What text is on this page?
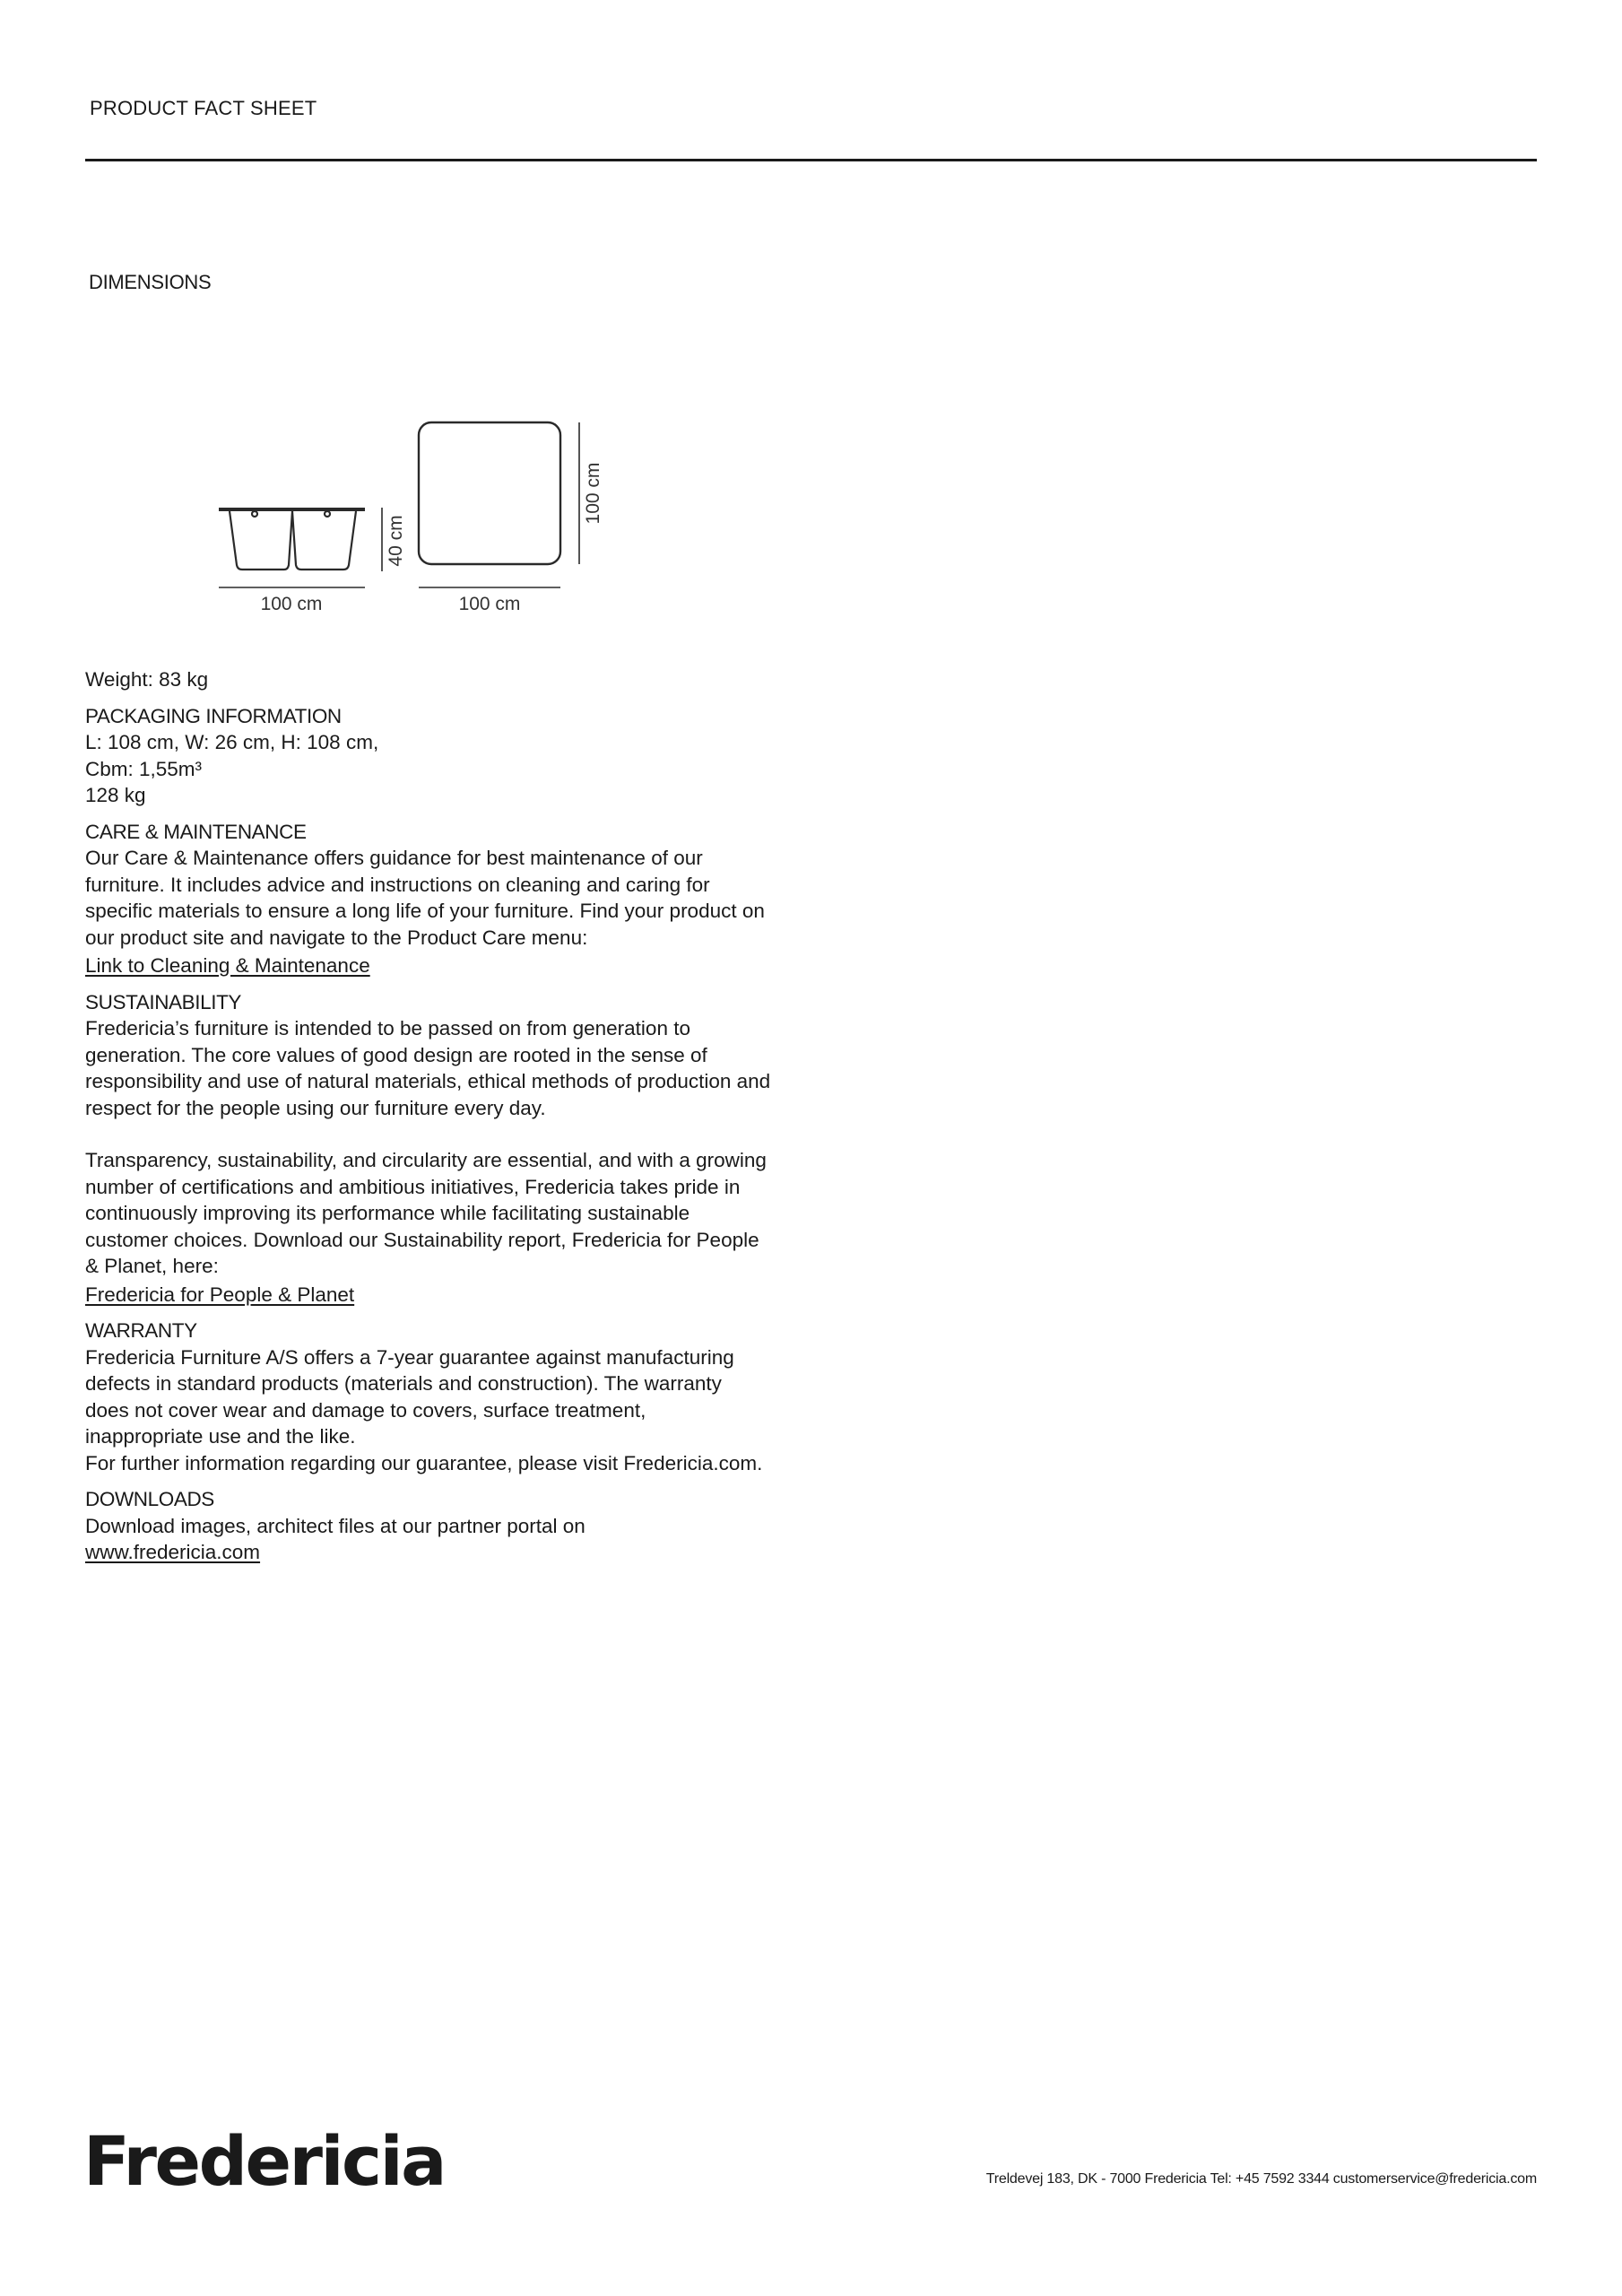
PRODUCT FACT SHEET
DIMENSIONS
100 cm
40 cm
100 cm
100 cm

Weight: 83 kg

PACKAGING INFORMATION

L: 108 cm, W: 26 cm, H: 108 cm,

Cbm: 1,55m³

128 kg

CARE & MAINTENANCE

Our Care & Maintenance offers guidance for best maintenance of our

furniture. It includes advice and instructions on cleaning and caring for

specific materials to ensure a long life of your furniture. Find your product on

our product site and navigate to the Product Care menu:

Link to Cleaning & Maintenance

SUSTAINABILITY

Fredericia’s furniture is intended to be passed on from generation to

generation. The core values of good design are rooted in the sense of

responsibility and use of natural materials, ethical methods of production and

respect for the people using our furniture every day.

Transparency, sustainability, and circularity are essential, and with a growing

number of certifications and ambitious initiatives, Fredericia takes pride in

continuously improving its performance while facilitating sustainable

customer choices. Download our Sustainability report, Fredericia for People

& Planet, here:

Fredericia for People & Planet

WARRANTY

Fredericia Furniture A/S offers a 7-year guarantee against manufacturing

defects in standard products (materials and construction). The warranty

does not cover wear and damage to covers, surface treatment,

inappropriate use and the like.

For further information regarding our guarantee, please visit Fredericia.com.

DOWNLOADS

Download images, architect files at our partner portal on

www.fredericia.com
Fredericia	Treldevej 183, DK - 7000 Fredericia Tel: +45 7592 3344 customerservice@fredericia.com
